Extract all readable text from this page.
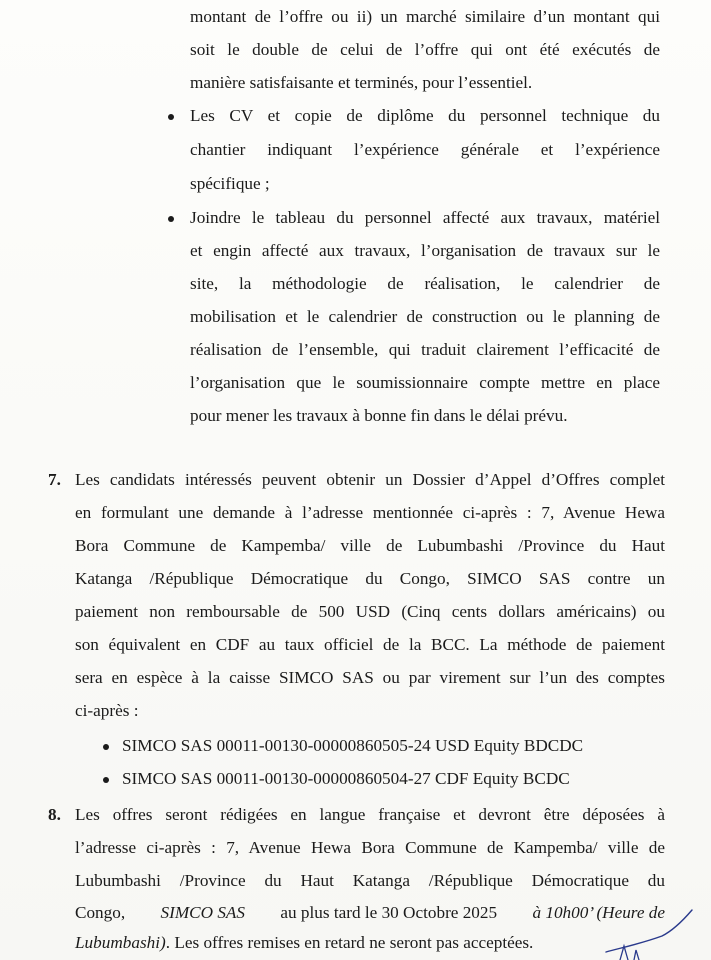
montant de l’offre ou ii) un marché similaire d’un montant qui
soit le double de celui de l’offre qui ont été exécutés de
manière satisfaisante et terminés, pour l’essentiel.
Les CV et copie de diplôme du personnel technique du
chantier indiquant l’expérience générale et l’expérience
spécifique ;
Joindre le tableau du personnel affecté aux travaux, matériel
et engin affecté aux travaux, l’organisation de travaux sur le
site, la méthodologie de réalisation, le calendrier de
mobilisation et le calendrier de construction ou le planning de
réalisation de l’ensemble, qui traduit clairement l’efficacité de
l’organisation que le soumissionnaire compte mettre en place
pour mener les travaux à bonne fin dans le délai prévu.
7. Les candidats intéressés peuvent obtenir un Dossier d’Appel d’Offres complet
en formulant une demande à l’adresse mentionnée ci-après : 7, Avenue Hewa
Bora Commune de Kampemba/ ville de Lubumbashi /Province du Haut
Katanga /République Démocratique du Congo, SIMCO SAS contre un
paiement non remboursable de 500 USD (Cinq cents dollars américains) ou
son équivalent en CDF au taux officiel de la BCC. La méthode de paiement
sera en espèce à la caisse SIMCO SAS ou par virement sur l’un des comptes
ci-après :
SIMCO SAS 00011-00130-00000860505-24 USD Equity BDCDC
SIMCO SAS 00011-00130-00000860504-27 CDF Equity BCDC
8. Les offres seront rédigées en langue française et devront être déposées à
l’adresse ci-après : 7, Avenue Hewa Bora Commune de Kampemba/ ville de
Lubumbashi /Province du Haut Katanga /République Démocratique du
Congo, SIMCO SAS au plus tard le 30 Octobre 2025 à 10h00’ (Heure de
Lubumbashi). Les offres remises en retard ne seront pas acceptées.
